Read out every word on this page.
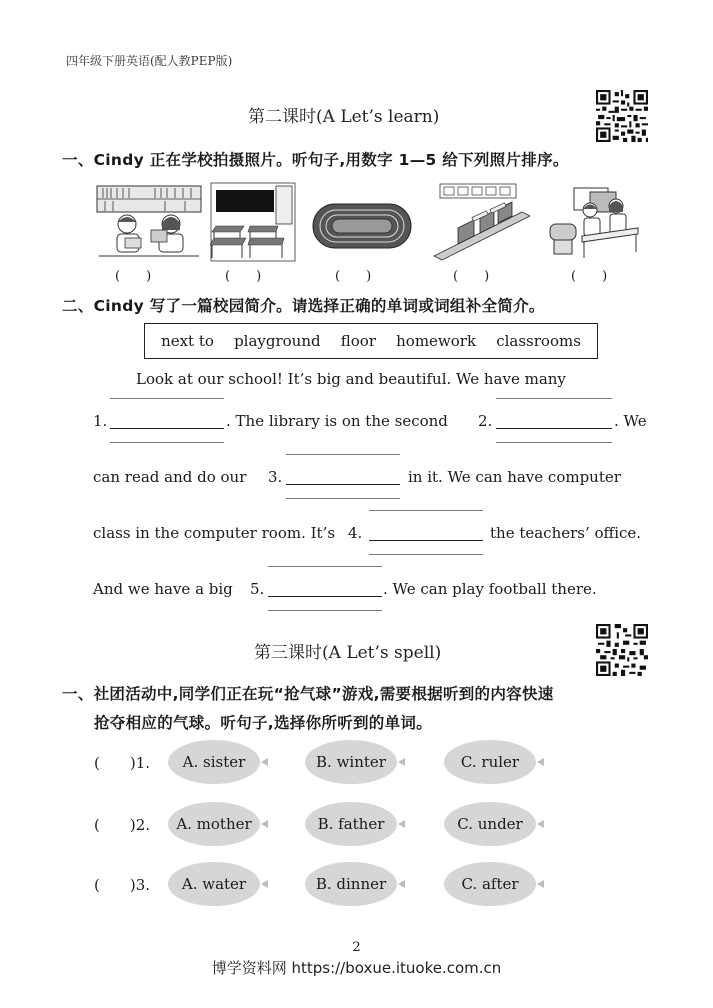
四年级下册英语(配人教PEP版)
第二课时(A Let’s learn)
一、Cindy 正在学校拍摄照片。听句子,用数字 1—5 给下列照片排序。
(　　)	(　　)	(　　)	(　　)	(　　)
二、Cindy 写了一篇校园简介。请选择正确的单词或词组补全简介。
next to playground floor homework classrooms
Look at our school! It’s big and beautiful. We have many
1.	. The library is on the second 2.	. We
can read and do our 3.	in it. We can have computer
class in the computer room. It’s 4.	the teachers’ office.
And we have a big 5.	. We can play football there.
第三课时(A Let’s spell)
一、社团活动中,同学们正在玩“抢气球”游戏,需要根据听到的内容快速
抢夺相应的气球。听句子,选择你所听到的单词。
(　　)1.	A. sister	B. winter	C. ruler
(　　)2.	A. mother	B. father	C. under
(　　)3.	A. water	B. dinner	C. after
2
博学资料网 https://boxue.ituoke.com.cn
